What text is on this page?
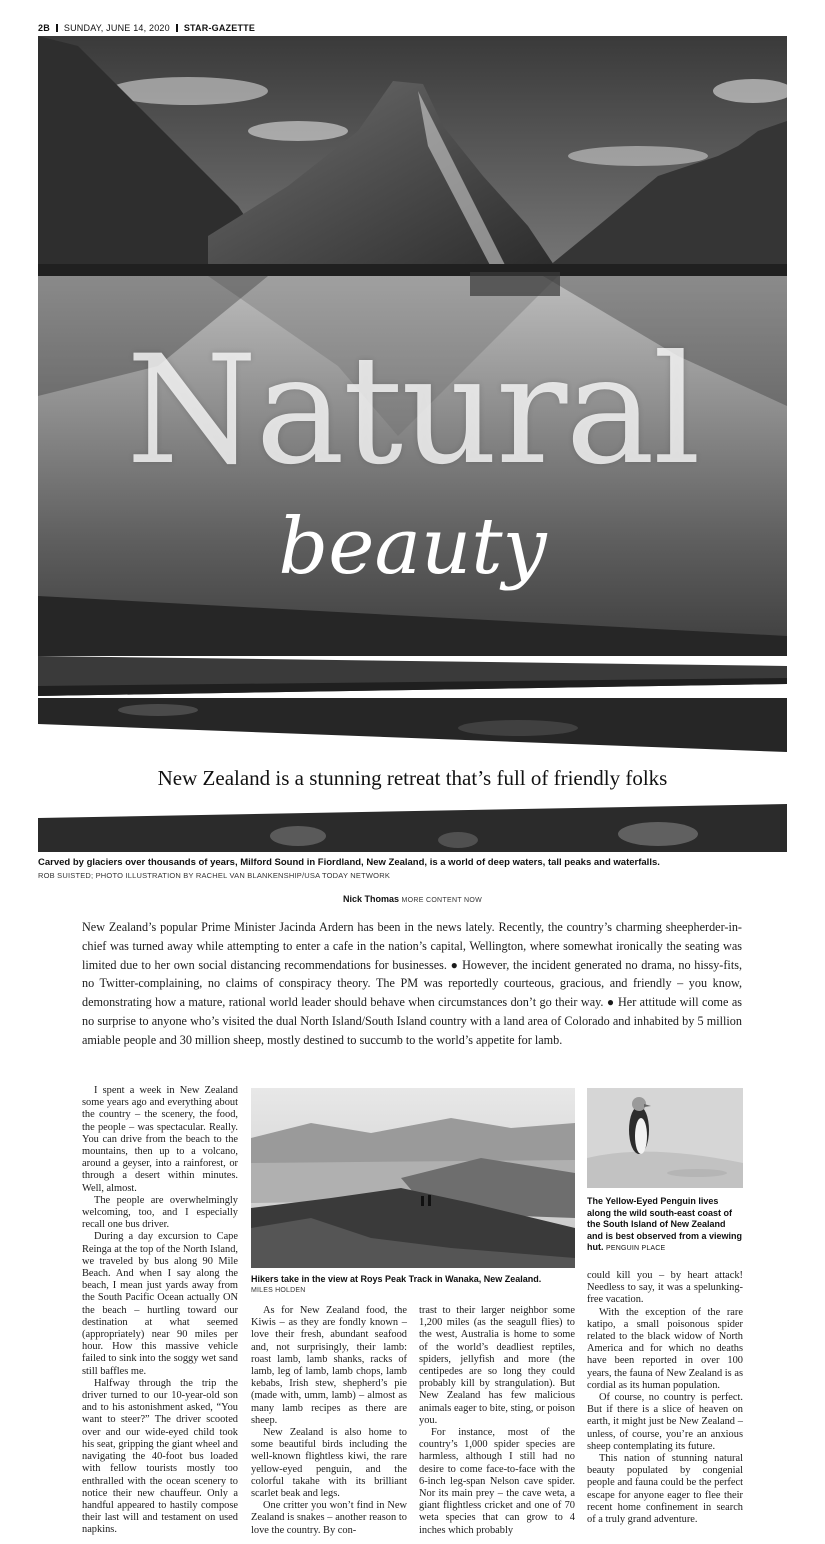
2B SUNDAY, JUNE 14, 2020 STAR-GAZETTE
Natural
beauty
New Zealand is a stunning retreat that’s full of friendly folks
Carved by glaciers over thousands of years, Milford Sound in Fiordland, New Zealand, is a world of deep waters, tall peaks and waterfalls.
ROB SUISTED; PHOTO ILLUSTRATION BY RACHEL VAN BLANKENSHIP/USA TODAY NETWORK
Nick Thomas MORE CONTENT NOW
New Zealand’s popular Prime Minister Jacinda Ardern has been in the news lately. Recently, the country’s charming sheepherder-in-chief was turned away while attempting to enter a cafe in the nation’s capital, Wellington, where somewhat ironically the seating was limited due to her own social distancing recommendations for businesses. ● However, the incident generated no drama, no hissy-fits, no Twitter-complaining, no claims of conspiracy theory. The PM was reportedly courteous, gracious, and friendly – you know, demonstrating how a mature, rational world leader should behave when circumstances don’t go their way. ● Her attitude will come as no surprise to anyone who’s visited the dual North Island/South Island country with a land area of Colorado and inhabited by 5 million amiable people and 30 million sheep, mostly destined to succumb to the world’s appetite for lamb.

I spent a week in New Zealand some years ago and everything about the country – the scenery, the food, the people – was spectacular. Really. You can drive from the beach to the mountains, then up to a volcano, around a geyser, into a rainforest, or through a desert within minutes. Well, almost.

The people are overwhelmingly welcoming, too, and I especially recall one bus driver.

During a day excursion to Cape Reinga at the top of the North Island, we traveled by bus along 90 Mile Beach. And when I say along the beach, I mean just yards away from the South Pacific Ocean actually ON the beach – hurtling toward our destination at what seemed (appropriately) near 90 miles per hour. How this massive vehicle failed to sink into the soggy wet sand still baffles me.

Halfway through the trip the driver turned to our 10-year-old son and to his astonishment asked, “You want to steer?” The driver scooted over and our wide-eyed child took his seat, gripping the giant wheel and navigating the 40-foot bus loaded with fellow tourists mostly too enthralled with the ocean scenery to notice their new chauffeur. Only a handful appeared to hastily compose their last will and testament on used napkins.

Hikers take in the view at Roys Peak Track in Wanaka, New Zealand.
MILES HOLDEN

As for New Zealand food, the Kiwis – as they are fondly known – love their fresh, abundant seafood and, not surprisingly, their lamb: roast lamb, lamb shanks, racks of lamb, leg of lamb, lamb chops, lamb kebabs, Irish stew, shepherd’s pie (made with, umm, lamb) – almost as many lamb recipes as there are sheep.

New Zealand is also home to some beautiful birds including the well-known flightless kiwi, the rare yellow-eyed penguin, and the colorful takahe with its brilliant scarlet beak and legs.

One critter you won’t find in New Zealand is snakes – another reason to love the country. By con-

trast to their larger neighbor some 1,200 miles (as the seagull flies) to the west, Australia is home to some of the world’s deadliest reptiles, spiders, jellyfish and more (the centipedes are so long they could probably kill by strangulation). But New Zealand has few malicious animals eager to bite, sting, or poison you.

For instance, most of the country’s 1,000 spider species are harmless, although I still had no desire to come face-to-face with the 6-inch leg-span Nelson cave spider. Nor its main prey – the cave weta, a giant flightless cricket and one of 70 weta species that can grow to 4 inches which probably

The Yellow-Eyed Penguin lives along the wild south-east coast of the South Island of New Zealand and is best observed from a viewing hut. PENGUIN PLACE

could kill you – by heart attack! Needless to say, it was a spelunking-free vacation.

With the exception of the rare katipo, a small poisonous spider related to the black widow of North America and for which no deaths have been reported in over 100 years, the fauna of New Zealand is as cordial as its human population.

Of course, no country is perfect. But if there is a slice of heaven on earth, it might just be New Zealand – unless, of course, you’re an anxious sheep contemplating its future.

This nation of stunning natural beauty populated by congenial people and fauna could be the perfect escape for anyone eager to flee their recent home confinement in search of a truly grand adventure.
